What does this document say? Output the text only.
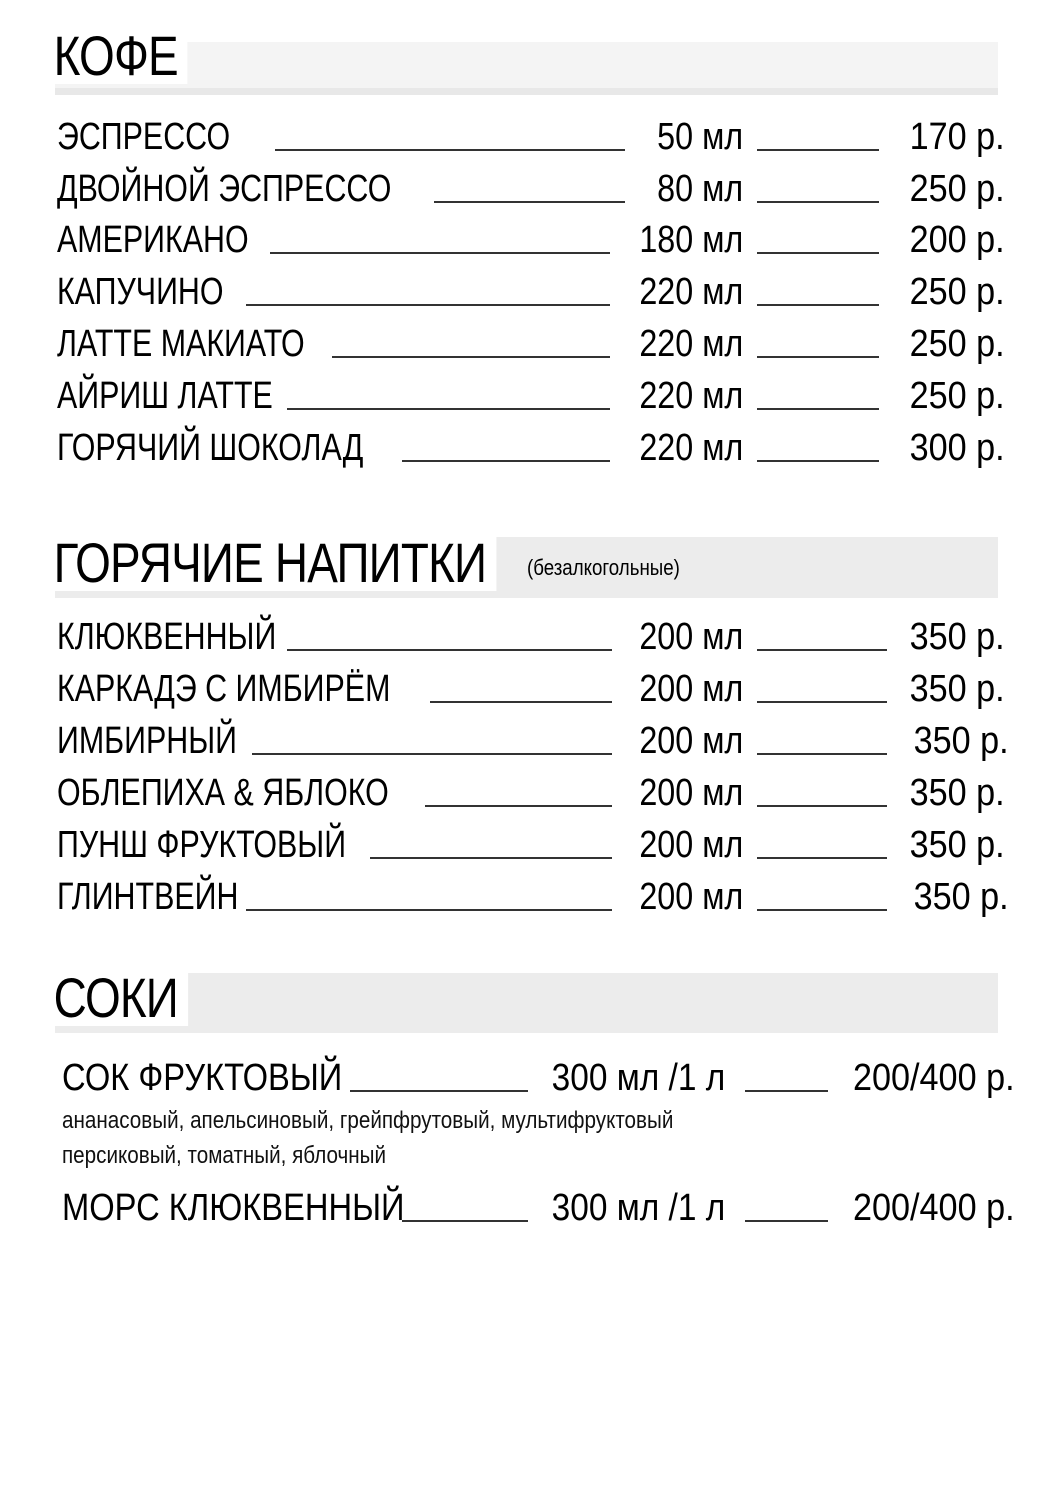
КОФЕ
ЭСПРЕССО	50 мл	170 р.
ДВОЙНОЙ ЭСПРЕССО	80 мл	250 р.
АМЕРИКАНО	180 мл	200 р.
КАПУЧИНО	220 мл	250 р.
ЛАТТЕ МАКИАТО	220 мл	250 р.
АЙРИШ ЛАТТЕ	220 мл	250 р.
ГОРЯЧИЙ ШОКОЛАД	220 мл	300 р.
ГОРЯЧИЕ НАПИТКИ	(безалкогольные)
КЛЮКВЕННЫЙ	200 мл	350 р.
КАРКАДЭ С ИМБИРЁМ	200 мл	350 р.
ИМБИРНЫЙ	200 мл	350 р.
ОБЛЕПИХА & ЯБЛОКО	200 мл	350 р.
ПУНШ ФРУКТОВЫЙ	200 мл	350 р.
ГЛИНТВЕЙН	200 мл	350 р.
СОКИ
СОК ФРУКТОВЫЙ	300 мл /1 л	200/400 р.
ананасовый, апельсиновый, грейпфрутовый, мультифруктовый
персиковый, томатный, яблочный
МОРС КЛЮКВЕННЫЙ	300 мл /1 л	200/400 р.
